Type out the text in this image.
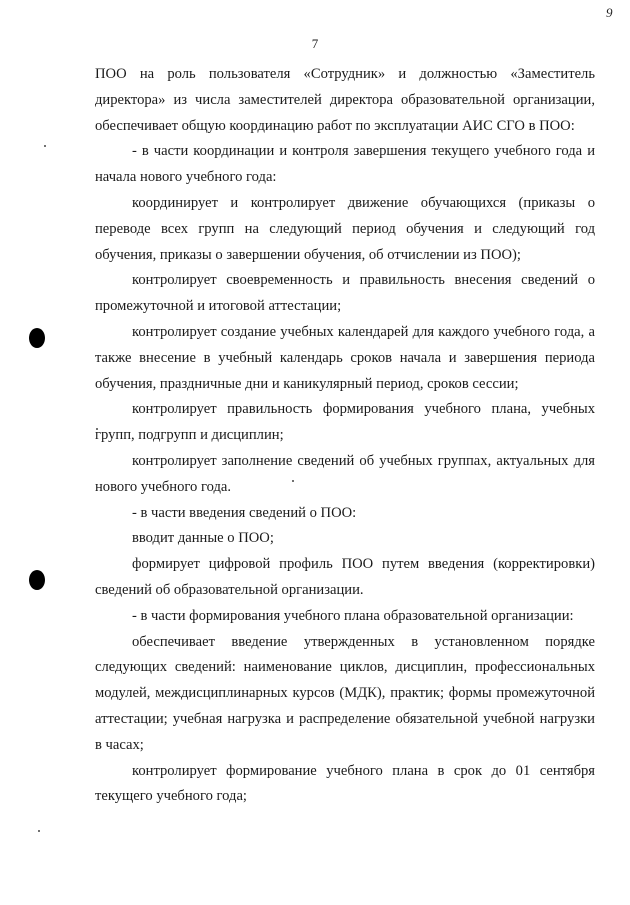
9
7

ПОО на роль пользователя «Сотрудник» и должностью «Заместитель директора» из числа заместителей директора образовательной организации, обеспечивает общую координацию работ по эксплуатации АИС СГО в ПОО:

- в части координации и контроля завершения текущего учебного года и начала нового учебного года:

координирует и контролирует движение обучающихся (приказы о переводе всех групп на следующий период обучения и следующий год обучения, приказы о завершении обучения, об отчислении из ПОО);

контролирует своевременность и правильность внесения сведений о промежуточной и итоговой аттестации;

контролирует создание учебных календарей для каждого учебного года, а также внесение в учебный календарь сроков начала и завершения периода обучения, праздничные дни и каникулярный период, сроков сессии;

контролирует правильность формирования учебного плана, учебных групп, подгрупп и дисциплин;

контролирует заполнение сведений об учебных группах, актуальных для нового учебного года.

- в части введения сведений о ПОО:

вводит данные о ПОО;

формирует цифровой профиль ПОО путем введения (корректировки) сведений об образовательной организации.

- в части формирования учебного плана образовательной организации:

обеспечивает введение утвержденных в установленном порядке следующих сведений: наименование циклов, дисциплин, профессиональных модулей, междисциплинарных курсов (МДК), практик; формы промежуточной аттестации; учебная нагрузка и распределение обязательной учебной нагрузки в часах;

контролирует формирование учебного плана в срок до 01 сентября текущего учебного года;
